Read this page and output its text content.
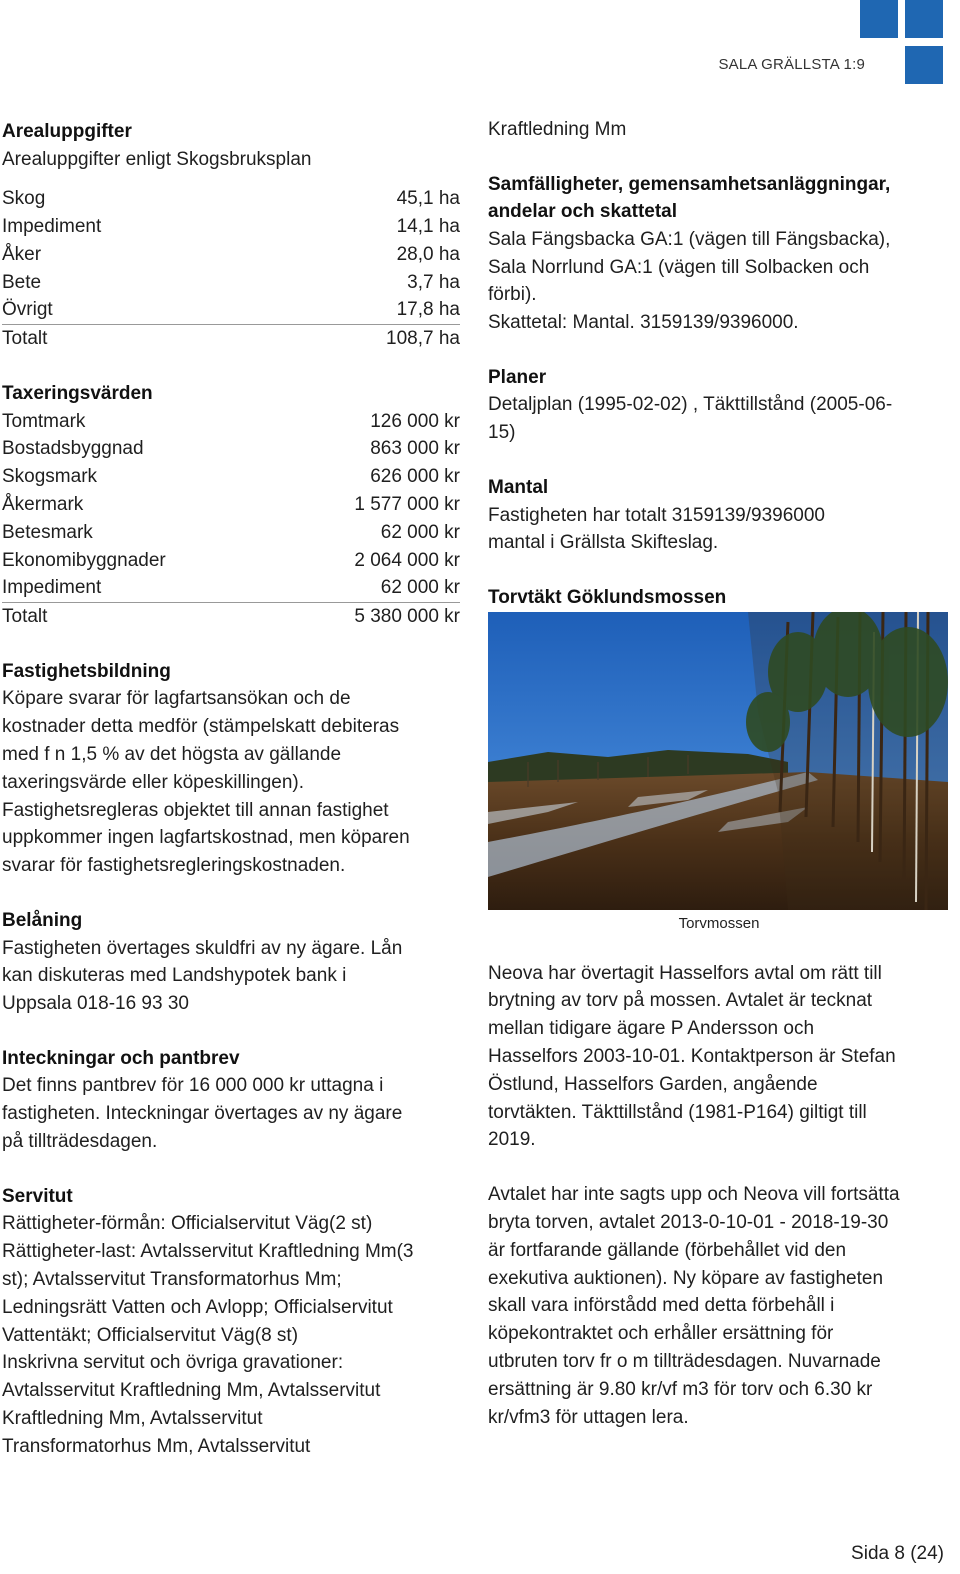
SALA GRÄLLSTA 1:9
Arealuppgifter
Arealuppgifter enligt Skogsbruksplan
Skog	45,1 ha
Impediment	14,1 ha
Åker	28,0 ha
Bete	3,7 ha
Övrigt	17,8 ha
Totalt	108,7 ha
Taxeringsvärden
Tomtmark	126 000 kr
Bostadsbyggnad	863 000 kr
Skogsmark	626 000 kr
Åkermark	1 577 000 kr
Betesmark	62 000 kr
Ekonomibyggnader	2 064 000 kr
Impediment	62 000 kr
Totalt	5 380 000 kr
Fastighetsbildning
Köpare svarar för lagfartsansökan och de
kostnader detta medför (stämpelskatt debiteras
med f n 1,5 % av det högsta av gällande
taxeringsvärde eller köpeskillingen).
Fastighetsregleras objektet till annan fastighet
uppkommer ingen lagfartskostnad, men köparen
svarar för fastighetsregleringskostnaden.
Belåning
Fastigheten övertages skuldfri av ny ägare. Lån
kan diskuteras med Landshypotek bank i
Uppsala 018-16 93 30
Inteckningar och pantbrev
Det finns pantbrev för 16 000 000 kr uttagna i
fastigheten. Inteckningar övertages av ny ägare
på tillträdesdagen.
Servitut
Rättigheter-förmån: Officialservitut Väg(2 st)
Rättigheter-last: Avtalsservitut Kraftledning Mm(3
st); Avtalsservitut Transformatorhus Mm;
Ledningsrätt Vatten och Avlopp; Officialservitut
Vattentäkt; Officialservitut Väg(8 st)
Inskrivna servitut och övriga gravationer:
Avtalsservitut Kraftledning Mm, Avtalsservitut
Kraftledning Mm, Avtalsservitut
Transformatorhus Mm, Avtalsservitut
Kraftledning Mm
Samfälligheter, gemensamhetsanläggningar,
andelar och skattetal
Sala Fängsbacka GA:1 (vägen till Fängsbacka),
Sala Norrlund GA:1 (vägen till Solbacken och
förbi).
Skattetal: Mantal. 3159139/9396000.
Planer
Detaljplan (1995-02-02) , Täkttillstånd (2005-06-
15)
Mantal
Fastigheten har totalt 3159139/9396000
mantal i Grällsta Skifteslag.
Torvtäkt Göklundsmossen
Torvmossen
Neova har övertagit Hasselfors avtal om rätt till
brytning av torv på mossen. Avtalet är tecknat
mellan tidigare ägare P Andersson och
Hasselfors 2003-10-01. Kontaktperson är Stefan
Östlund, Hasselfors Garden, angående
torvtäkten. Täkttillstånd (1981-P164) giltigt till
2019.
Avtalet har inte sagts upp och Neova vill fortsätta
bryta torven, avtalet 2013-0-10-01 - 2018-19-30
är fortfarande gällande (förbehållet vid den
exekutiva auktionen). Ny köpare av fastigheten
skall vara införstådd med detta förbehåll i
köpekontraktet och erhåller ersättning för
utbruten torv fr o m tillträdesdagen. Nuvarnade
ersättning är 9.80 kr/vf m3 för torv och 6.30 kr
kr/vfm3 för uttagen lera.
Sida 8 (24)
